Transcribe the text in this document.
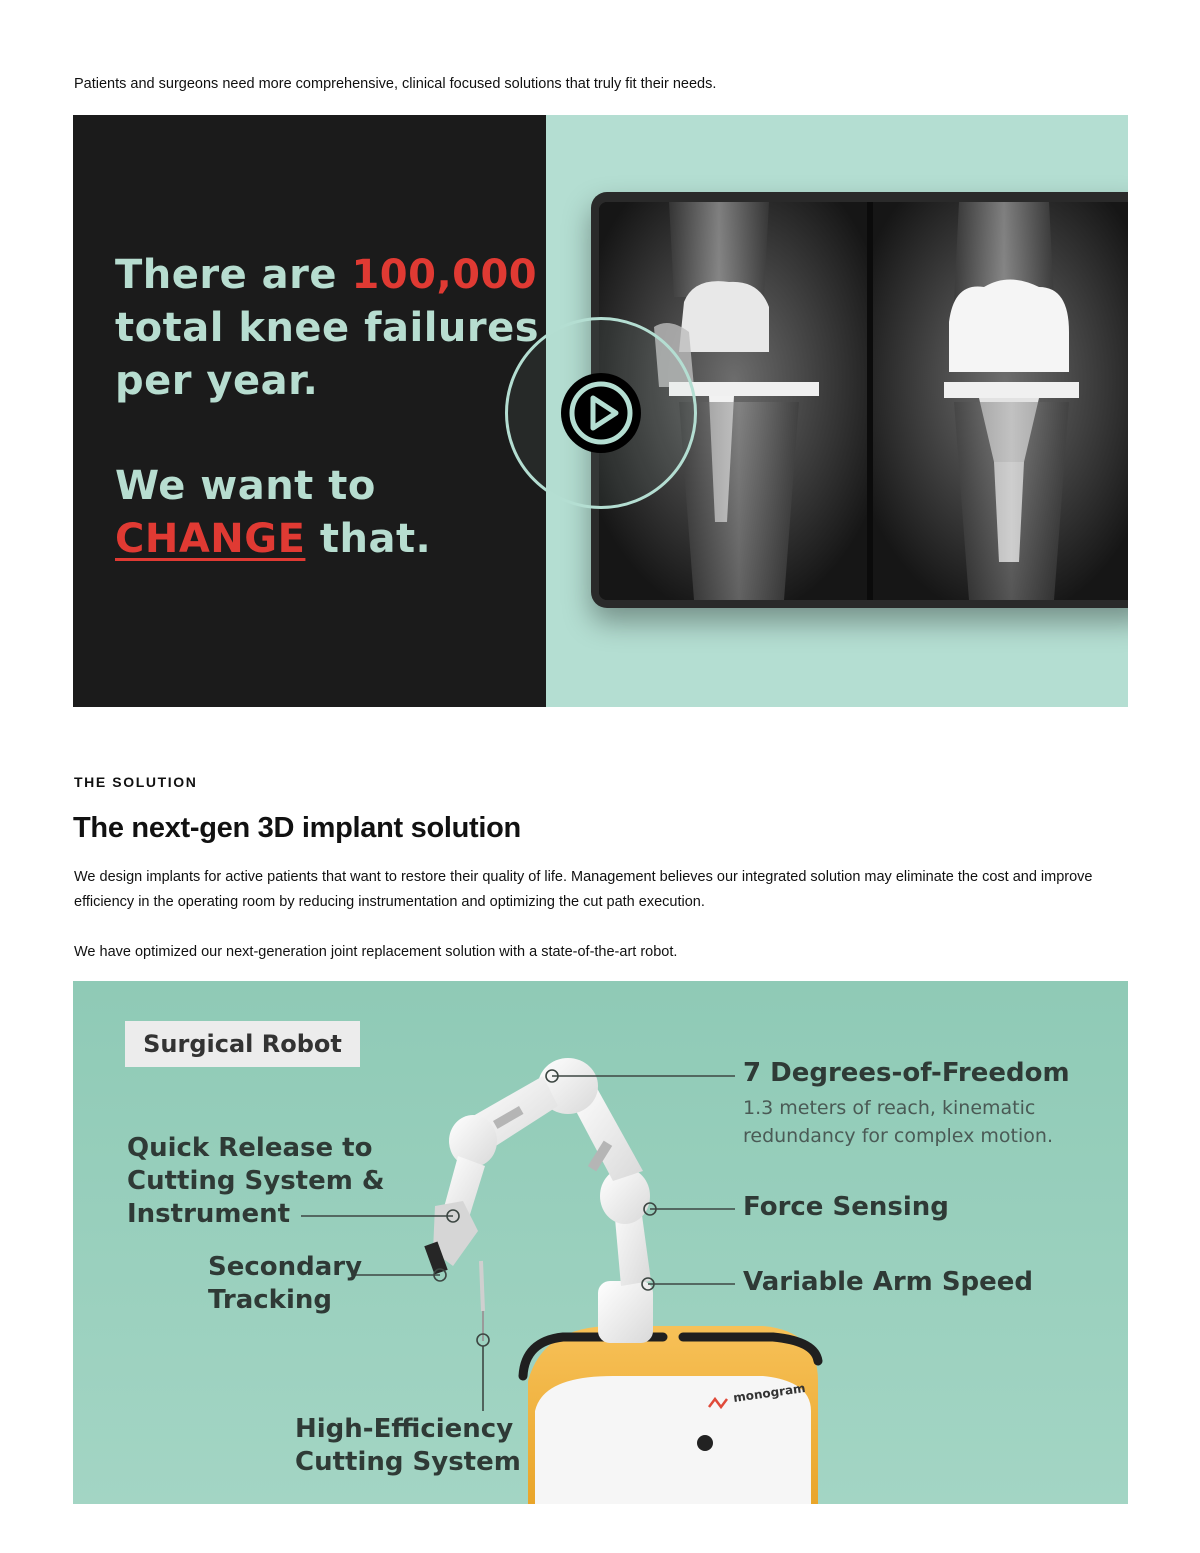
Patients and surgeons need more comprehensive, clinical focused solutions that truly fit their needs.
There are 100,000
total knee failures
per year.
We want to
CHANGE that.
THE SOLUTION
The next-gen 3D implant solution

We design implants for active patients that want to restore their quality of life. Management believes our integrated solution may eliminate the cost and improve efficiency in the operating room by reducing instrumentation and optimizing the cut path execution.

We have optimized our next-generation joint replacement solution with a state-of-the-art robot.

Surgical Robot
7 Degrees-of-Freedom
1.3 meters of reach, kinematic
redundancy for complex motion.
Force Sensing
Variable Arm Speed
Quick Release to
Cutting System &
Instrument
Secondary
Tracking
High-Efficiency
Cutting System
monogram
